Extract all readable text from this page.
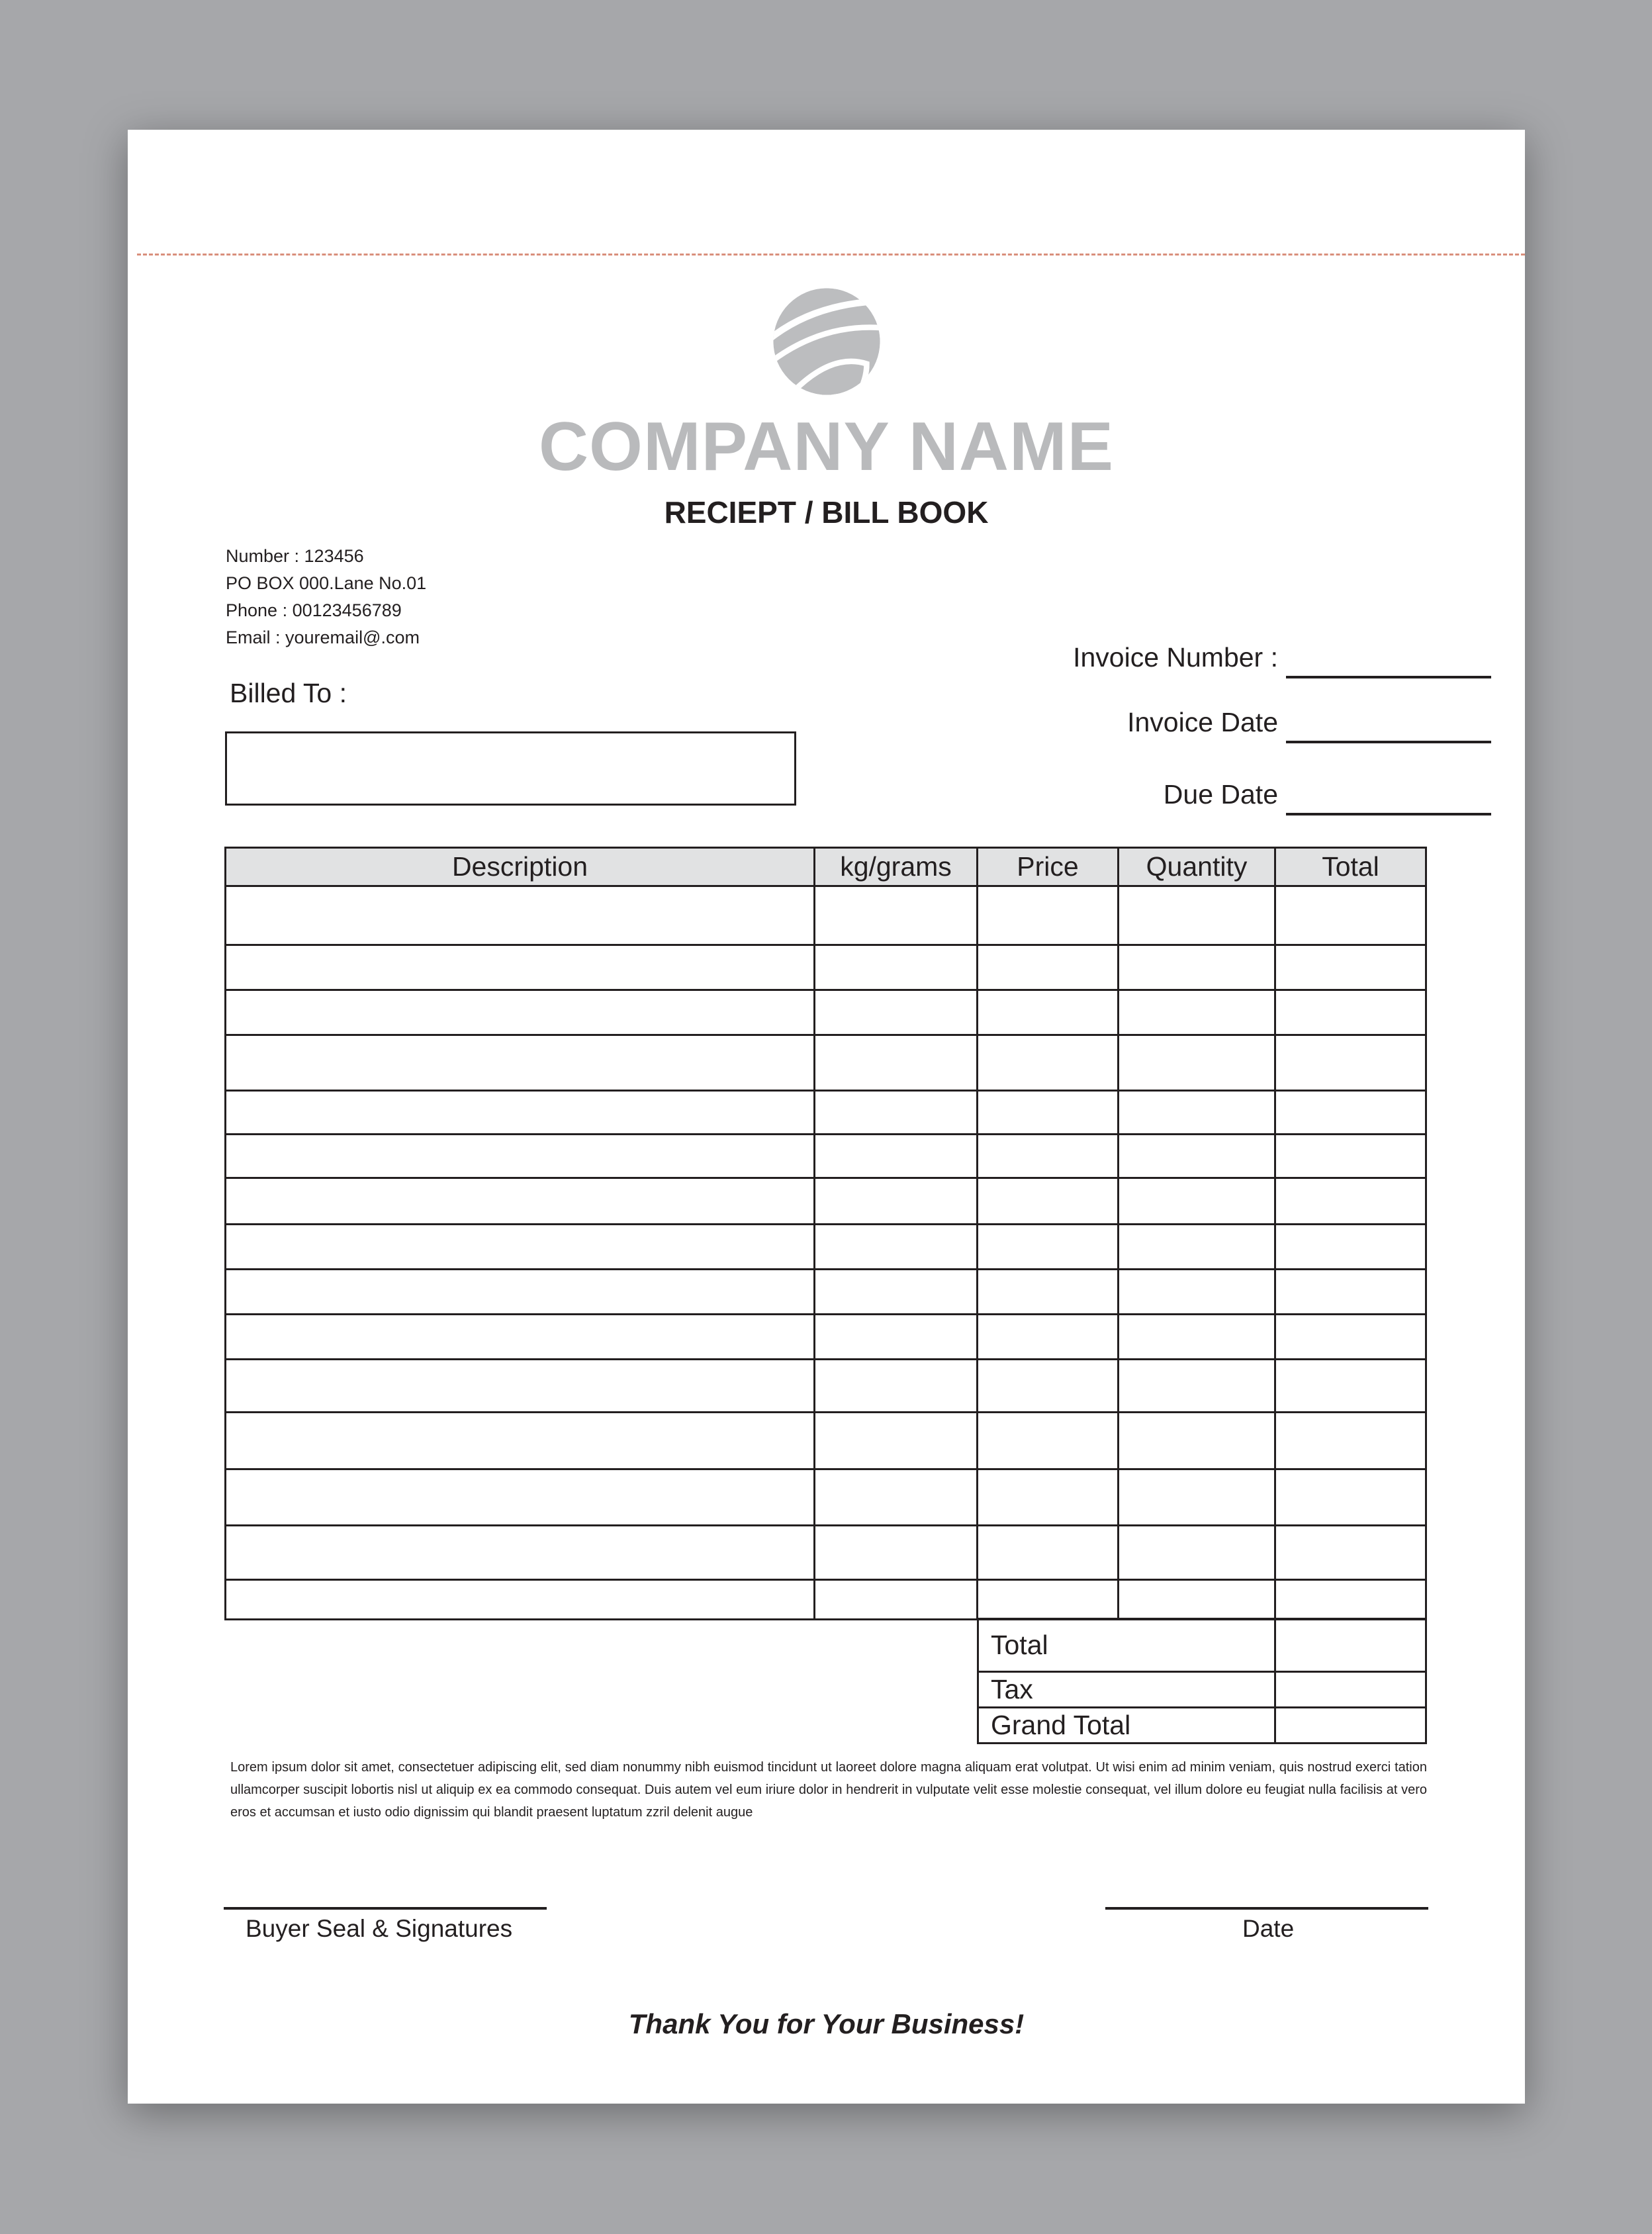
COMPANY NAME
RECIEPT / BILL BOOK
Number : 123456
PO BOX 000.Lane No.01
Phone : 00123456789
Email : youremail@.com
Billed To :
Invoice Number :
Invoice Date
Due Date
Description	kg/grams	Price	Quantity	Total

Total	
Tax	
Grand Total	
Lorem ipsum dolor sit amet, consectetuer adipiscing elit, sed diam nonummy nibh euismod tincidunt ut laoreet dolore magna aliquam erat volutpat. Ut wisi enim ad minim veniam, quis nostrud exerci tation ullamcorper suscipit lobortis nisl ut aliquip ex ea commodo consequat. Duis autem vel eum iriure dolor in hendrerit in vulputate velit esse molestie consequat, vel illum dolore eu feugiat nulla facilisis at vero eros et accumsan et iusto odio dignissim qui blandit praesent luptatum zzril delenit augue
Buyer Seal & Signatures	Date
Thank You for Your Business!
